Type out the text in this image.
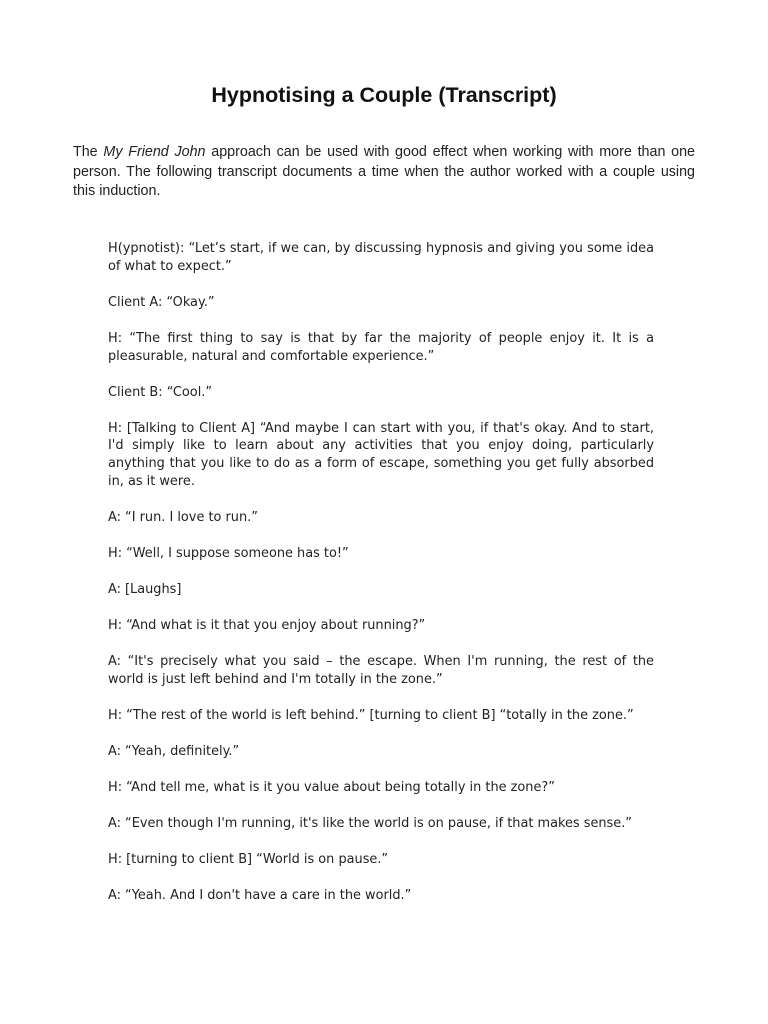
Hypnotising a Couple (Transcript)

The My Friend John approach can be used with good effect when working with more than one person. The following transcript documents a time when the author worked with a couple using this induction.

H(ypnotist): “Let’s start, if we can, by discussing hypnosis and giving you some idea of what to expect.”

Client A: “Okay.”

H: “The first thing to say is that by far the majority of people enjoy it. It is a pleasurable, natural and comfortable experience.”

Client B: “Cool.”

H: [Talking to Client A] “And maybe I can start with you, if that's okay. And to start, I'd simply like to learn about any activities that you enjoy doing, particularly anything that you like to do as a form of escape, something you get fully absorbed in, as it were.

A: “I run. I love to run.”

H: “Well, I suppose someone has to!”

A: [Laughs]

H: “And what is it that you enjoy about running?”

A: “It's precisely what you said – the escape. When I'm running, the rest of the world is just left behind and I'm totally in the zone.”

H: “The rest of the world is left behind.” [turning to client B] “totally in the zone.”

A: “Yeah, definitely.”

H: “And tell me, what is it you value about being totally in the zone?”

A: “Even though I'm running, it's like the world is on pause, if that makes sense.”

H: [turning to client B] “World is on pause.”

A: “Yeah. And I don't have a care in the world.”
